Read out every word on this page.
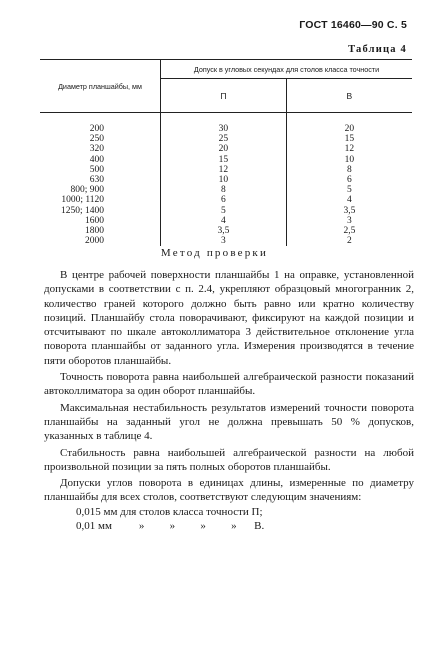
ГОСТ 16460—90 С. 5
Таблица 4
Диаметр планшайбы, мм	Допуск в угловых секундах для столов класса точности	
	П	В
200	30	20
250	25	15
320	20	12
400	15	10
500	12	8
630	10	6
800; 900	8	5
1000; 1120	6	4
1250; 1400	5	3,5
1600	4	3
1800	3,5	2,5
2000	3	2
Метод проверки

В центре рабочей поверхности планшайбы 1 на оправке, установленной допусками в соответствии с п. 2.4, укрепляют образцовый многогранник 2, количество граней которого должно быть равно или кратно количеству позиций. Планшайбу стола поворачивают, фиксируют на каждой позиции и отсчитывают по шкале автоколлиматора 3 действительное отклонение угла поворота планшайбы от заданного угла. Измерения производятся в течение пяти оборотов планшайбы.

Точность поворота равна наибольшей алгебраической разности показаний автоколлиматора за один оборот планшайбы.

Максимальная нестабильность результатов измерений точности поворота планшайбы на заданный угол не должна превышать 50 % допусков, указанных в таблице 4.

Стабильность равна наибольшей алгебраической разности на любой произвольной позиции за пять полных оборотов планшайбы.

Допуски углов поворота в единицах длины, измеренные по диаметру планшайбы для всех столов, соответствуют следующим значениям:

0,015 мм для столов класса точности П;

0,01 мм » » » » В.
